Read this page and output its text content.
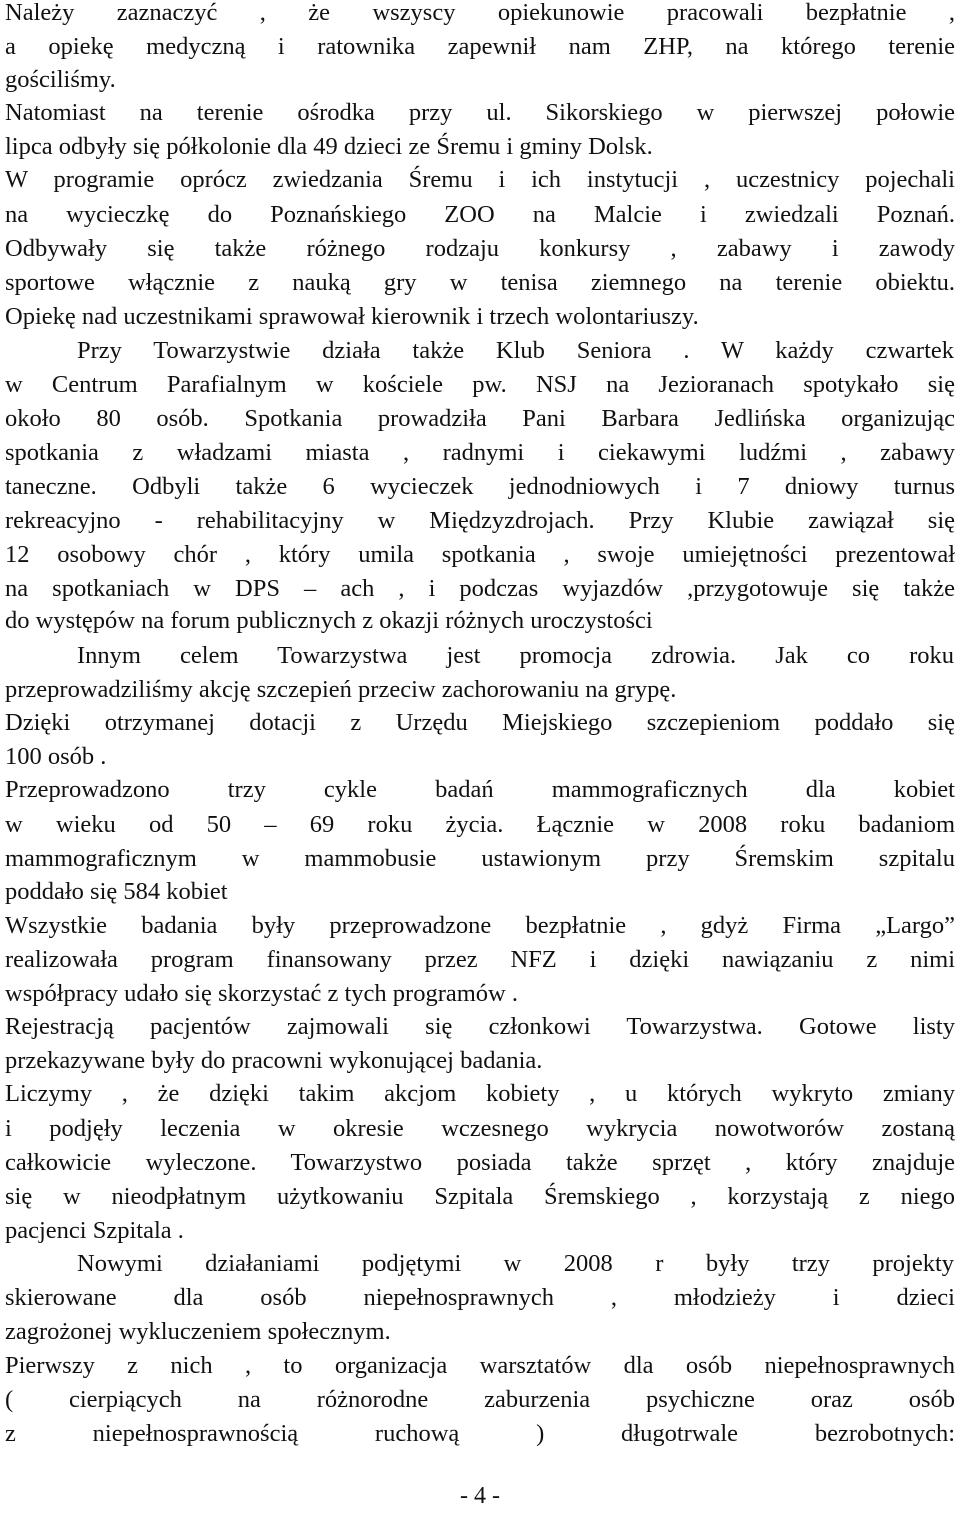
Należy zaznaczyć , że wszyscy opiekunowie pracowali bezpłatnie ,
a opiekę medyczną i ratownika zapewnił nam ZHP, na którego terenie
gościliśmy.
Natomiast na terenie ośrodka przy ul. Sikorskiego w pierwszej połowie
lipca odbyły się półkolonie dla 49 dzieci ze Śremu i gminy Dolsk.
W programie oprócz zwiedzania Śremu i ich instytucji , uczestnicy pojechali
na wycieczkę do Poznańskiego ZOO na Malcie i zwiedzali Poznań.
Odbywały się także różnego rodzaju konkursy , zabawy i zawody
sportowe włącznie z nauką gry w tenisa ziemnego na terenie obiektu.
Opiekę nad uczestnikami sprawował kierownik i trzech wolontariuszy.
Przy Towarzystwie działa także Klub Seniora . W każdy czwartek
w Centrum Parafialnym w kościele pw. NSJ na Jezioranach spotykało się
około 80 osób. Spotkania prowadziła Pani Barbara Jedlińska organizując
spotkania z władzami miasta , radnymi i ciekawymi ludźmi , zabawy
taneczne. Odbyli także 6 wycieczek jednodniowych i 7 dniowy turnus
rekreacyjno - rehabilitacyjny w Międzyzdrojach. Przy Klubie zawiązał się
12 osobowy chór , który umila spotkania , swoje umiejętności prezentował
na spotkaniach w DPS – ach , i podczas wyjazdów ,przygotowuje się także
do występów na forum publicznych z okazji różnych uroczystości
Innym celem Towarzystwa jest promocja zdrowia. Jak co roku
przeprowadziliśmy akcję szczepień przeciw zachorowaniu na grypę.
Dzięki otrzymanej dotacji z Urzędu Miejskiego szczepieniom poddało się
100 osób .
Przeprowadzono trzy cykle badań mammograficznych dla kobiet
w wieku od 50 – 69 roku życia. Łącznie w 2008 roku badaniom
mammograficznym w mammobusie ustawionym przy Śremskim szpitalu
poddało się 584 kobiet
Wszystkie badania były przeprowadzone bezpłatnie , gdyż Firma „Largo”
realizowała program finansowany przez NFZ i dzięki nawiązaniu z nimi
współpracy udało się skorzystać z tych programów .
Rejestracją pacjentów zajmowali się członkowi Towarzystwa. Gotowe listy
przekazywane były do pracowni wykonującej badania.
Liczymy , że dzięki takim akcjom kobiety , u których wykryto zmiany
i podjęły leczenia w okresie wczesnego wykrycia nowotworów zostaną
całkowicie wyleczone. Towarzystwo posiada także sprzęt , który znajduje
się w nieodpłatnym użytkowaniu Szpitala Śremskiego , korzystają z niego
pacjenci Szpitala .
Nowymi działaniami podjętymi w 2008 r były trzy projekty
skierowane dla osób niepełnosprawnych , młodzieży i dzieci
zagrożonej wykluczeniem społecznym.
Pierwszy z nich , to organizacja warsztatów dla osób niepełnosprawnych
( cierpiących na różnorodne zaburzenia psychiczne oraz osób
z niepełnosprawnością ruchową ) długotrwale bezrobotnych:
- 4 -
